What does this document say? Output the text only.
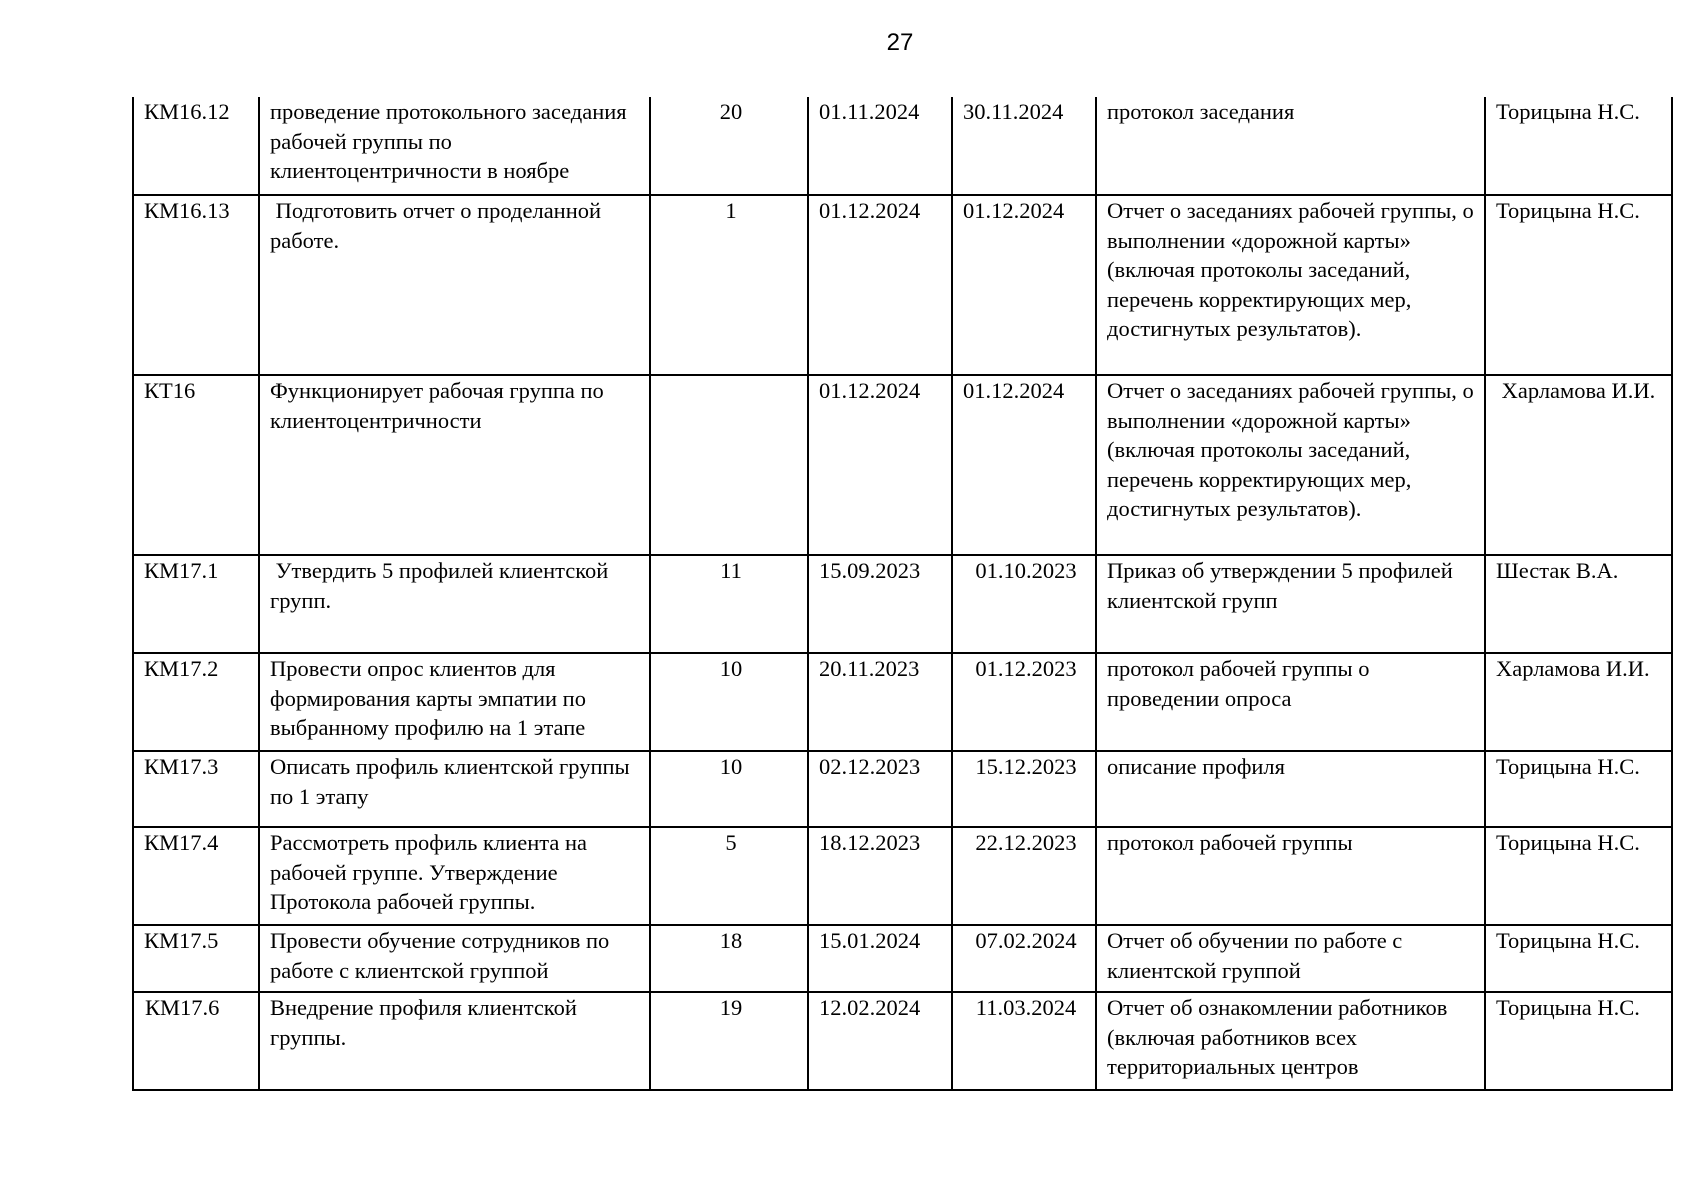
27
КМ16.12	проведение протокольного заседания рабочей группы по клиентоцентричности в ноябре	20	01.11.2024	30.11.2024	протокол заседания	Торицына Н.С.
КМ16.13	Подготовить отчет о проделанной работе.	1	01.12.2024	01.12.2024	Отчет о заседаниях рабочей группы, о выполнении «дорожной карты» (включая протоколы заседаний, перечень корректирующих мер, достигнутых результатов).	Торицына Н.С.
КТ16	Функционирует рабочая группа по клиентоцентричности		01.12.2024	01.12.2024	Отчет о заседаниях рабочей группы, о выполнении «дорожной карты» (включая протоколы заседаний, перечень корректирующих мер, достигнутых результатов).	Харламова И.И.
КМ17.1	Утвердить 5 профилей клиентской групп.	11	15.09.2023	01.10.2023	Приказ об утверждении 5 профилей клиентской групп	Шестак В.А.
КМ17.2	Провести опрос клиентов для формирования карты эмпатии по выбранному профилю на 1 этапе	10	20.11.2023	01.12.2023	протокол рабочей группы о проведении опроса	Харламова И.И.
КМ17.3	Описать профиль клиентской группы по 1 этапу	10	02.12.2023	15.12.2023	описание профиля	Торицына Н.С.
КМ17.4	Рассмотреть профиль клиента на рабочей группе. Утверждение Протокола рабочей группы.	5	18.12.2023	22.12.2023	протокол рабочей группы	Торицына Н.С.
КМ17.5	Провести обучение сотрудников по работе с клиентской группой	18	15.01.2024	07.02.2024	Отчет об обучении по работе с клиентской группой	Торицына Н.С.
КМ17.6	Внедрение профиля клиентской группы.	19	12.02.2024	11.03.2024	Отчет об ознакомлении работников (включая работников всех территориальных центров	Торицына Н.С.
